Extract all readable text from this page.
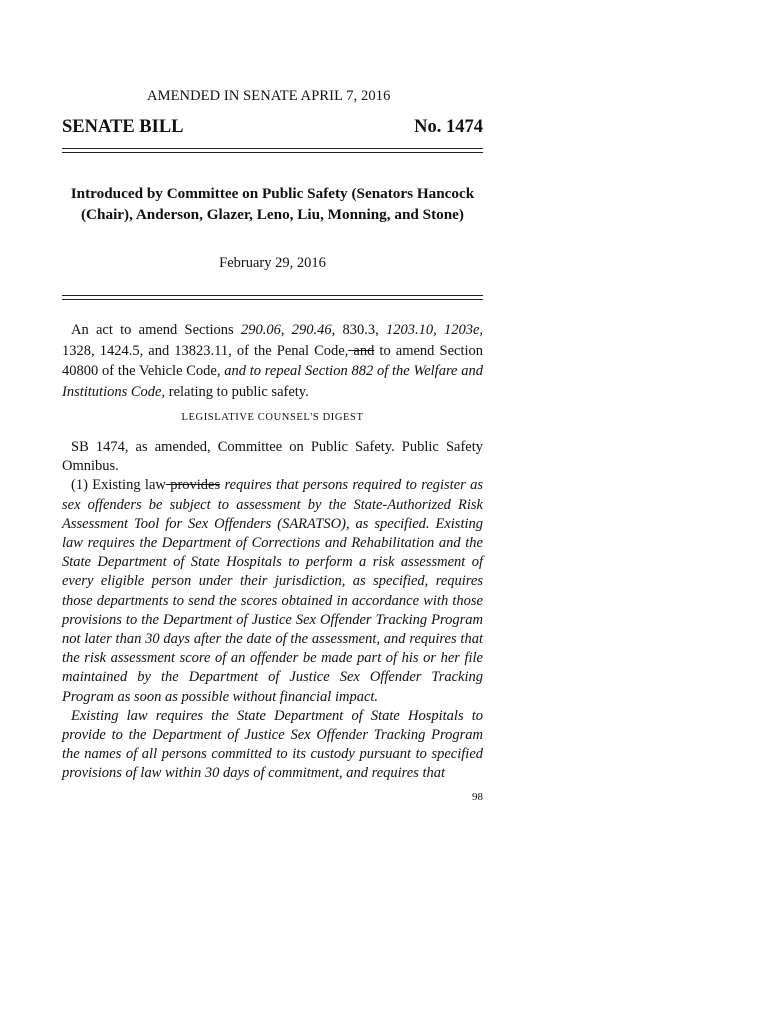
AMENDED IN SENATE APRIL 7, 2016
SENATE BILL	No. 1474
Introduced by Committee on Public Safety (Senators Hancock
(Chair), Anderson, Glazer, Leno, Liu, Monning, and Stone)
February 29, 2016

An act to amend Sections 290.06, 290.46, 830.3, 1203.10, 1203e, 1328, 1424.5, and 13823.11, of the Penal Code, and to amend Section 40800 of the Vehicle Code, and to repeal Section 882 of the Welfare and Institutions Code, relating to public safety.

LEGISLATIVE COUNSEL'S DIGEST

SB 1474, as amended, Committee on Public Safety. Public Safety Omnibus.

(1) Existing law provides requires that persons required to register as sex offenders be subject to assessment by the State-Authorized Risk Assessment Tool for Sex Offenders (SARATSO), as specified. Existing law requires the Department of Corrections and Rehabilitation and the State Department of State Hospitals to perform a risk assessment of every eligible person under their jurisdiction, as specified, requires those departments to send the scores obtained in accordance with those provisions to the Department of Justice Sex Offender Tracking Program not later than 30 days after the date of the assessment, and requires that the risk assessment score of an offender be made part of his or her file maintained by the Department of Justice Sex Offender Tracking Program as soon as possible without financial impact.

Existing law requires the State Department of State Hospitals to provide to the Department of Justice Sex Offender Tracking Program the names of all persons committed to its custody pursuant to specified provisions of law within 30 days of commitment, and requires that

98
